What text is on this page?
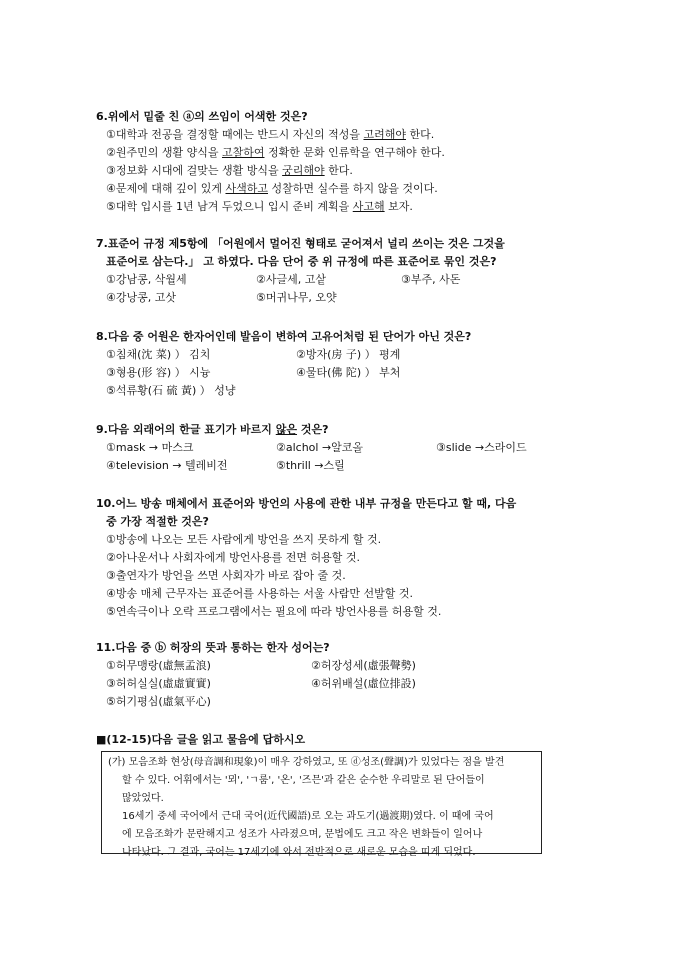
6.위에서 밑줄 친 ⓐ의 쓰임이 어색한 것은?
①대학과 전공을 결정할 때에는 반드시 자신의 적성을 고려해야 한다.
②원주민의 생활 양식을 고찰하여 정확한 문화 인류학을 연구해야 한다.
③정보화 시대에 걸맞는 생활 방식을 궁리해야 한다.
④문제에 대해 깊이 있게 사색하고 성찰하면 실수를 하지 않을 것이다.
⑤대학 입시를 1년 남겨 두었으니 입시 준비 계획을 사고해 보자.
7.표준어 규정 제5항에 「어원에서 멀어진 형태로 굳어져서 널리 쓰이는 것은 그것을
표준어로 삼는다.」 고 하였다. 다음 단어 중 위 규정에 따른 표준어로 묶인 것은?
①강남콩, 삭월세	②사글세, 고샅	③부주, 사돈
④강낭콩, 고삿	⑤머귀나무, 오얏
8.다음 중 어원은 한자어인데 발음이 변하여 고유어처럼 된 단어가 아닌 것은?
①침채(沈 菜) ） 김치	②방자(房 子) ） 평계
③형용(形 容) ） 시늉	④물타(佛 陀) ） 부처
⑤석류황(石 硫 黃) ） 성냥
9.다음 외래어의 한글 표기가 바르지 않은 것은?
①mask → 마스크	②alchol →알코올	③slide →스라이드
④television → 텔레비전	⑤thrill →스릴
10.어느 방송 매체에서 표준어와 방언의 사용에 관한 내부 규정을 만든다고 할 때, 다음
중 가장 적절한 것은?
①방송에 나오는 모든 사람에게 방언을 쓰지 못하게 할 것.
②아나운서나 사회자에게 방언사용를 전면 허용할 것.
③출연자가 방언을 쓰면 사회자가 바로 잡아 줄 것.
④방송 매체 근무자는 표준어를 사용하는 서울 사람만 선발할 것.
⑤연속극이나 오락 프로그램에서는 필요에 따라 방언사용를 허용할 것.
11.다음 중 ⓑ 허장의 뜻과 통하는 한자 성어는?
①허무맹랑(虛無孟浪)	②허장성세(虛張聲勢)
③허허실실(虛虛實實)	④허위배설(虛位排設)
⑤허기평심(虛氣平心)
■(12-15)다음 글을 읽고 물음에 답하시오
(가) 모음조화 현상(母音調和現象)이 매우 강하였고, 또 ⓓ성조(聲調)가 있었다는 점을 발견
할 수 있다. 어휘에서는 '뫼', 'ㄱ룸', '온', '즈믄'과 같은 순수한 우리말로 된 단어들이
많았었다.
16세기 중세 국어에서 근대 국어(近代國語)로 오는 과도기(過渡期)였다. 이 때에 국어
에 모음조화가 문란해지고 성조가 사라졌으며, 문법에도 크고 작은 변화들이 일어나
나타났다. 그 결과, 국어는 17세기에 와서 전반적으로 새로운 모습을 띠게 되었다.
